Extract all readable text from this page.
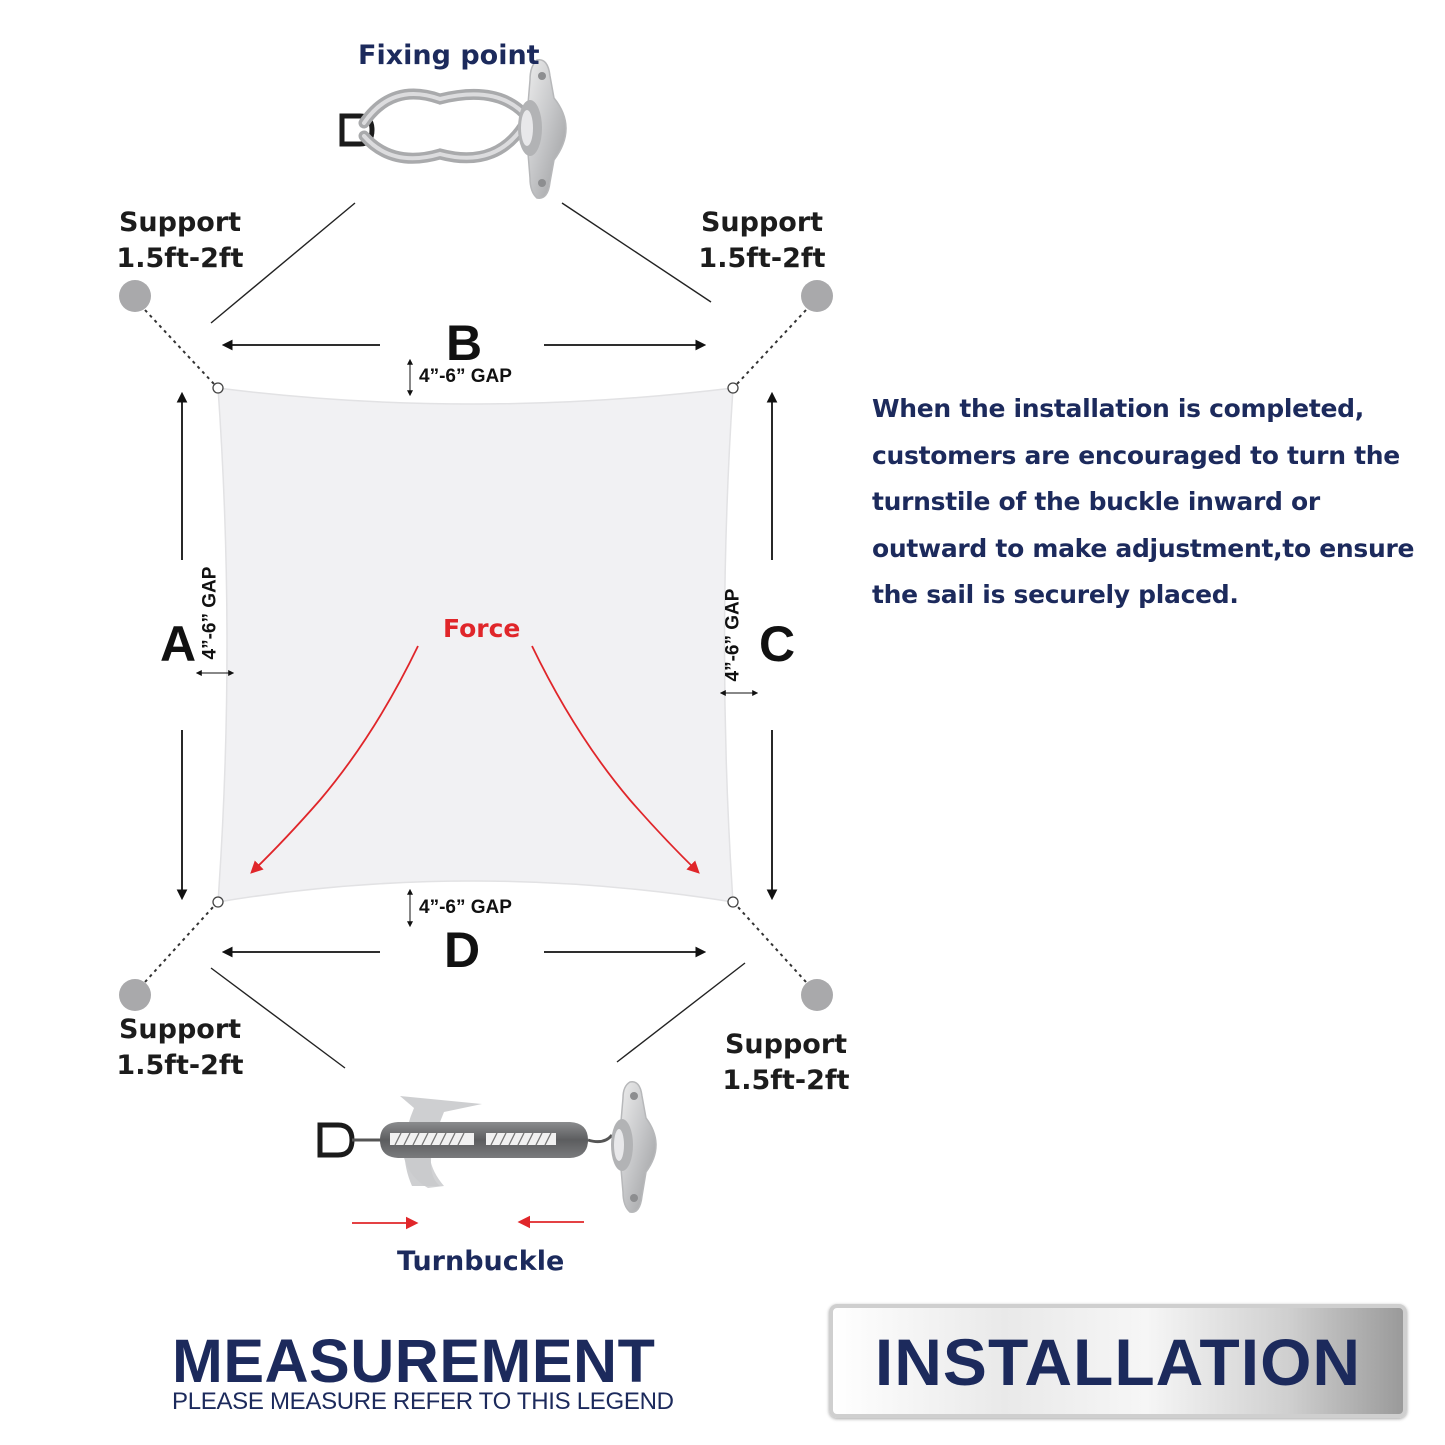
Fixing point
Support
1.5ft-2ft
Support
1.5ft-2ft
Support
1.5ft-2ft
Support
1.5ft-2ft
B
D
A	C
4”-6” GAP
4”-6” GAP
4”-6” GAP	4”-6” GAP
Force
Turnbuckle
When the installation is completed, customers are encouraged to turn the turnstile of the buckle inward or outward to make adjustment,to ensure the sail is securely placed.
MEASUREMENT
PLEASE MEASURE REFER TO THIS LEGEND
INSTALLATION
